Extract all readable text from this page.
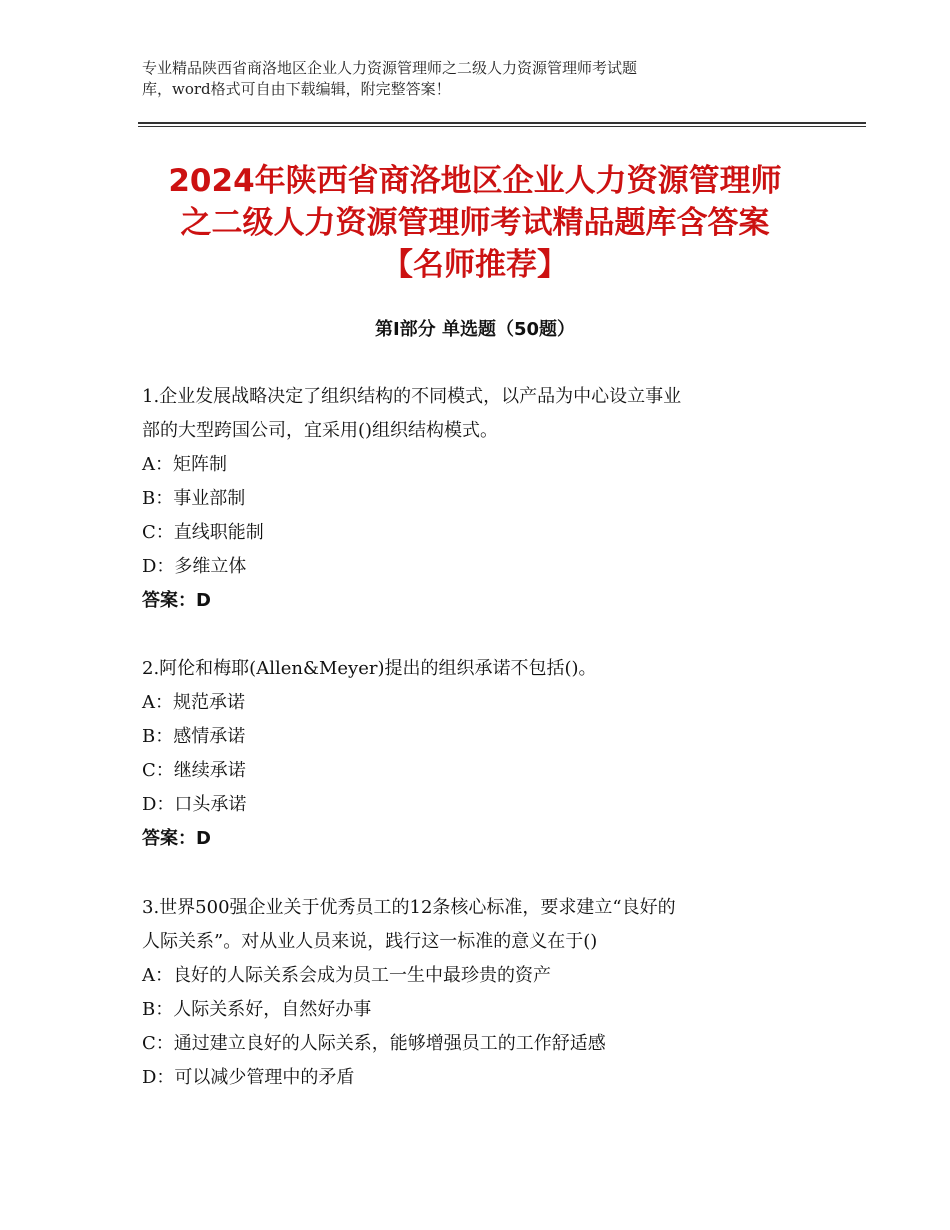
专业精品陕西省商洛地区企业人力资源管理师之二级人力资源管理师考试题
库，word格式可自由下载编辑，附完整答案！
2024年陕西省商洛地区企业人力资源管理师
之二级人力资源管理师考试精品题库含答案
【名师推荐】
第Ⅰ部分 单选题（50题）
1.企业发展战略决定了组织结构的不同模式，以产品为中心设立事业
部的大型跨国公司，宜采用()组织结构模式。
A：矩阵制
B：事业部制
C：直线职能制
D：多维立体
答案：D
2.阿伦和梅耶(Allen&Meyer)提出的组织承诺不包括()。
A：规范承诺
B：感情承诺
C：继续承诺
D：口头承诺
答案：D
3.世界500强企业关于优秀员工的12条核心标准，要求建立“良好的
人际关系”。对从业人员来说，践行这一标准的意义在于()
A：良好的人际关系会成为员工一生中最珍贵的资产
B：人际关系好，自然好办事
C：通过建立良好的人际关系，能够增强员工的工作舒适感
D：可以减少管理中的矛盾
